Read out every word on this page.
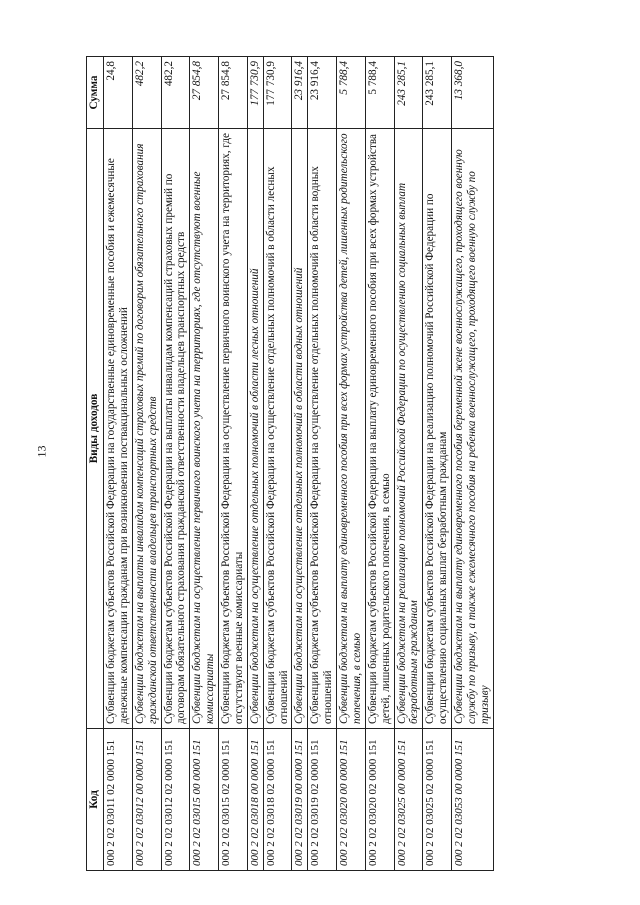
13
Код	Виды доходов	Сумма
000 2 02 03011 02 0000 151	Субвенции бюджетам субъектов Российской Федерации на государственные единовременные пособия и ежемесячные денежные компенсации гражданам при возникновении поствакцинальных осложнений	24,8
000 2 02 03012 00 0000 151	Субвенции бюджетам на выплаты инвалидам компенсаций страховых премий по договорам обязательного страхования гражданской ответственности владельцев транспортных средств	482,2
000 2 02 03012 02 0000 151	Субвенции бюджетам субъектов Российской Федерации на выплаты инвалидам компенсаций страховых премий по договорам обязательного страхования гражданской ответственности владельцев транспортных средств	482,2
000 2 02 03015 00 0000 151	Субвенции бюджетам на осуществление первичного воинского учета на территориях, где отсутствуют военные комиссариаты	27 854,8
000 2 02 03015 02 0000 151	Субвенции бюджетам субъектов Российской Федерации на осуществление первичного воинского учета на территориях, где отсутствуют военные комиссариаты	27 854,8
000 2 02 03018 00 0000 151	Субвенции бюджетам на осуществление отдельных полномочий в области лесных отношений	177 730,9
000 2 02 03018 02 0000 151	Субвенции бюджетам субъектов Российской Федерации на осуществление отдельных полномочий в области лесных отношений	177 730,9
000 2 02 03019 00 0000 151	Субвенции бюджетам на осуществление отдельных полномочий в области водных отношений	23 916,4
000 2 02 03019 02 0000 151	Субвенции бюджетам субъектов Российской Федерации на осуществление отдельных полномочий в области водных отношений	23 916,4
000 2 02 03020 00 0000 151	Субвенции бюджетам на выплату единовременного пособия при всех формах устройства детей, лишенных родительского попечения, в семью	5 788,4
000 2 02 03020 02 0000 151	Субвенции бюджетам субъектов Российской Федерации на выплату единовременного пособия при всех формах устройства детей, лишенных родительского попечения, в семью	5 788,4
000 2 02 03025 00 0000 151	Субвенции бюджетам на реализацию полномочий Российской Федерации по осуществлению социальных выплат безработным гражданам	243 285,1
000 2 02 03025 02 0000 151	Субвенции бюджетам субъектов Российской Федерации на реализацию полномочий Российской Федерации по осуществлению социальных выплат безработным гражданам	243 285,1
000 2 02 03053 00 0000 151	Субвенции бюджетам на выплату единовременного пособия беременной жене военнослужащего, проходящего военную службу по призыву, а также ежемесячного пособия на ребенка военнослужащего, проходящего военную службу по призыву	13 368,0
